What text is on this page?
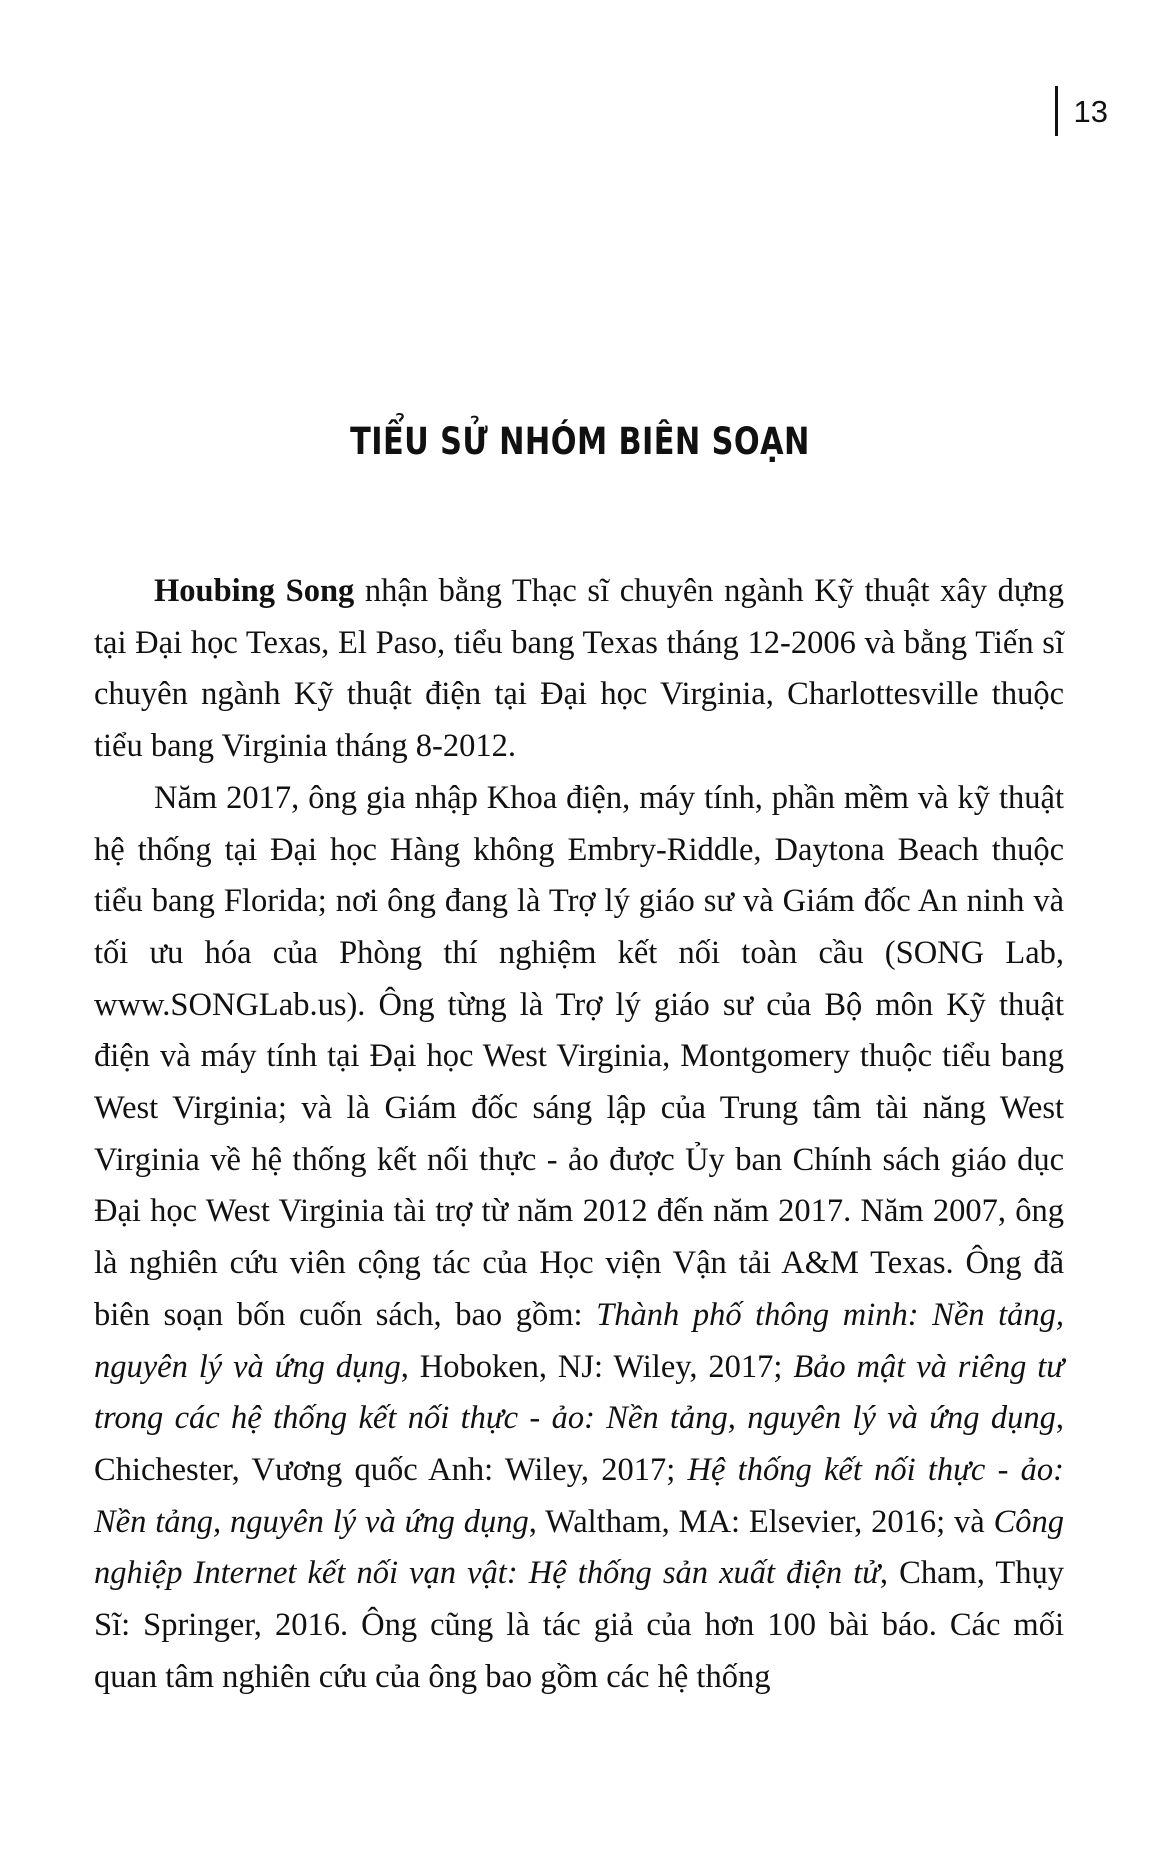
13
TIỂU SỬ NHÓM BIÊN SOẠN

Houbing Song nhận bằng Thạc sĩ chuyên ngành Kỹ thuật xây dựng tại Đại học Texas, El Paso, tiểu bang Texas tháng 12-2006 và bằng Tiến sĩ chuyên ngành Kỹ thuật điện tại Đại học Virginia, Charlottesville thuộc tiểu bang Virginia tháng 8-2012.

Năm 2017, ông gia nhập Khoa điện, máy tính, phần mềm và kỹ thuật hệ thống tại Đại học Hàng không Embry-Riddle, Daytona Beach thuộc tiểu bang Florida; nơi ông đang là Trợ lý giáo sư và Giám đốc An ninh và tối ưu hóa của Phòng thí nghiệm kết nối toàn cầu (SONG Lab, www.SONGLab.us). Ông từng là Trợ lý giáo sư của Bộ môn Kỹ thuật điện và máy tính tại Đại học West Virginia, Montgomery thuộc tiểu bang West Virginia; và là Giám đốc sáng lập của Trung tâm tài năng West Virginia về hệ thống kết nối thực - ảo được Ủy ban Chính sách giáo dục Đại học West Virginia tài trợ từ năm 2012 đến năm 2017. Năm 2007, ông là nghiên cứu viên cộng tác của Học viện Vận tải A&M Texas. Ông đã biên soạn bốn cuốn sách, bao gồm: Thành phố thông minh: Nền tảng, nguyên lý và ứng dụng, Hoboken, NJ: Wiley, 2017; Bảo mật và riêng tư trong các hệ thống kết nối thực - ảo: Nền tảng, nguyên lý và ứng dụng, Chichester, Vương quốc Anh: Wiley, 2017; Hệ thống kết nối thực - ảo: Nền tảng, nguyên lý và ứng dụng, Waltham, MA: Elsevier, 2016; và Công nghiệp Internet kết nối vạn vật: Hệ thống sản xuất điện tử, Cham, Thụy Sĩ: Springer, 2016. Ông cũng là tác giả của hơn 100 bài báo. Các mối quan tâm nghiên cứu của ông bao gồm các hệ thống
